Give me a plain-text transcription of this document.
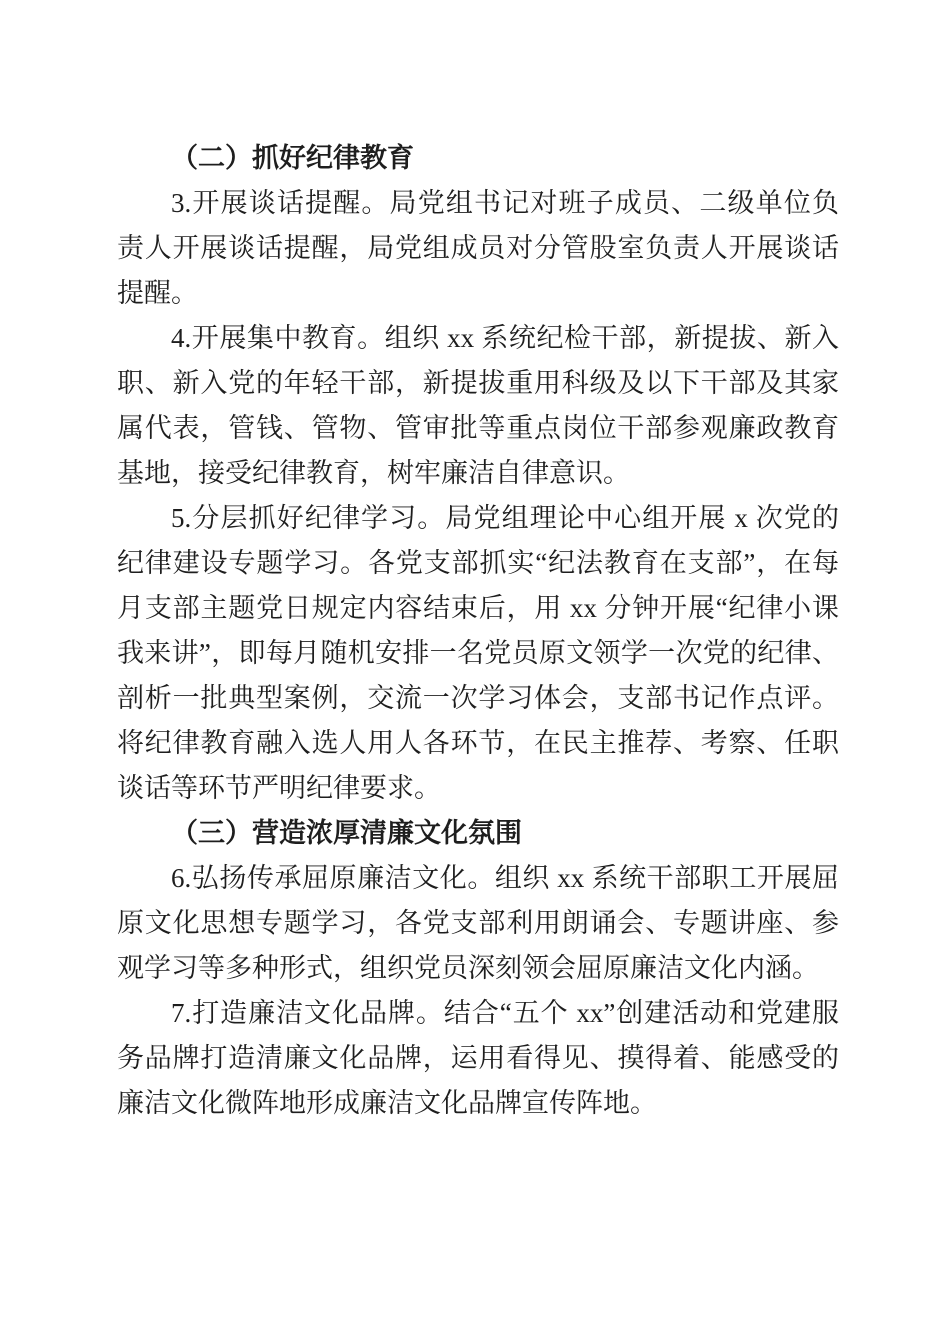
（二）抓好纪律教育

3.开展谈话提醒。局党组书记对班子成员、二级单位负责人开展谈话提醒，局党组成员对分管股室负责人开展谈话提醒。

4.开展集中教育。组织 xx 系统纪检干部，新提拔、新入职、新入党的年轻干部，新提拔重用科级及以下干部及其家属代表，管钱、管物、管审批等重点岗位干部参观廉政教育基地，接受纪律教育，树牢廉洁自律意识。

5.分层抓好纪律学习。局党组理论中心组开展 x 次党的纪律建设专题学习。各党支部抓实“纪法教育在支部”，在每月支部主题党日规定内容结束后，用 xx 分钟开展“纪律小课我来讲”，即每月随机安排一名党员原文领学一次党的纪律、剖析一批典型案例，交流一次学习体会，支部书记作点评。将纪律教育融入选人用人各环节，在民主推荐、考察、任职谈话等环节严明纪律要求。

（三）营造浓厚清廉文化氛围

6.弘扬传承屈原廉洁文化。组织 xx 系统干部职工开展屈原文化思想专题学习，各党支部利用朗诵会、专题讲座、参观学习等多种形式，组织党员深刻领会屈原廉洁文化内涵。

7.打造廉洁文化品牌。结合“五个 xx”创建活动和党建服务品牌打造清廉文化品牌，运用看得见、摸得着、能感受的廉洁文化微阵地形成廉洁文化品牌宣传阵地。
